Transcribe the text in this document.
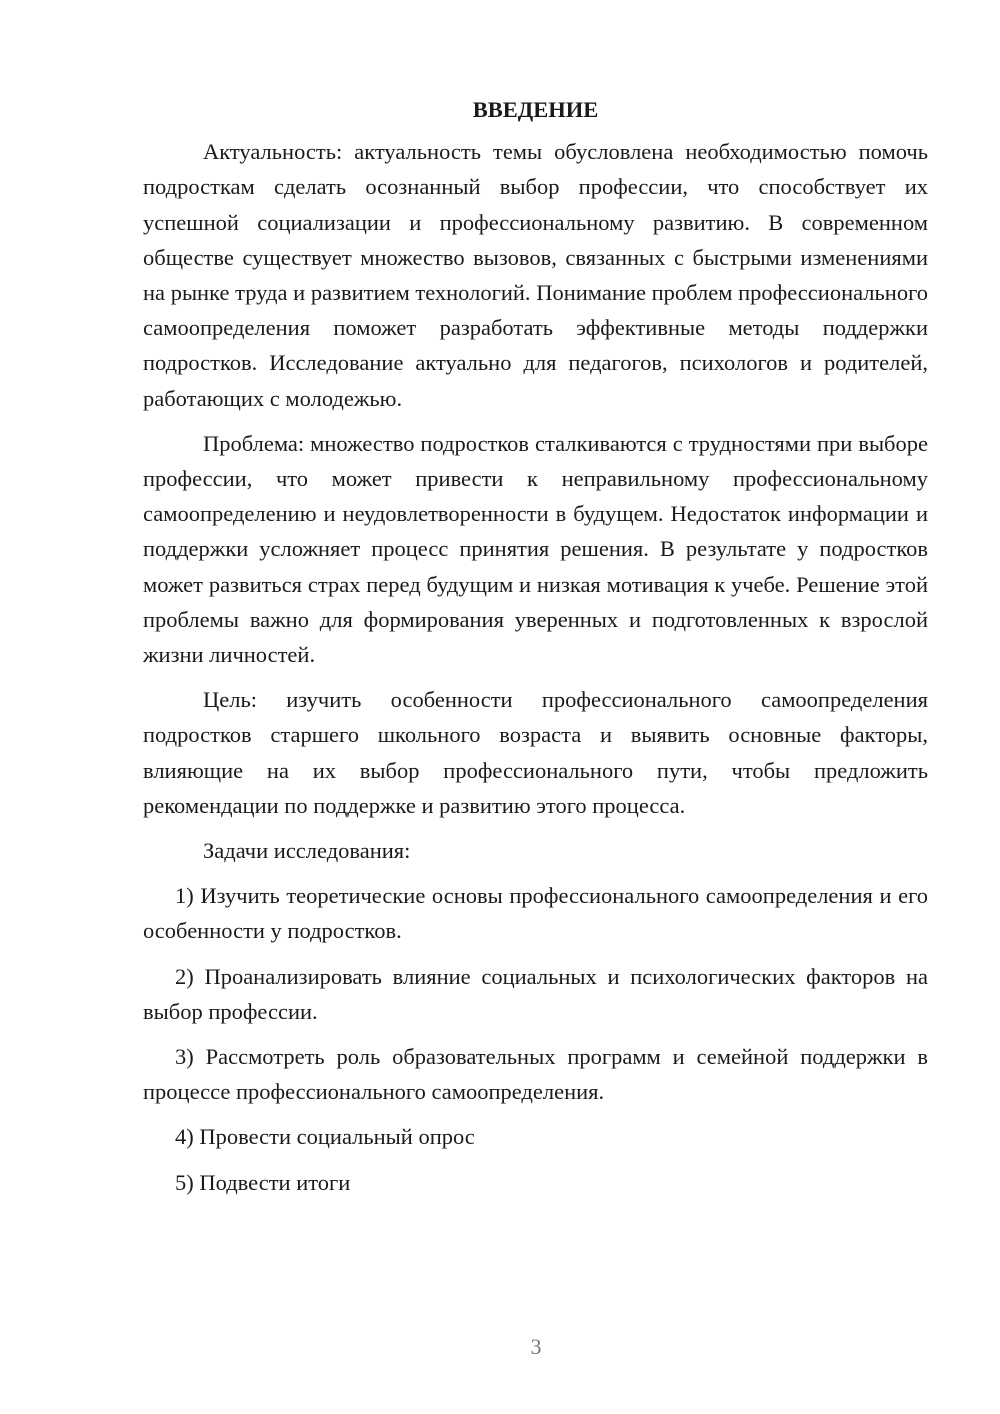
ВВЕДЕНИЕ

Актуальность: актуальность темы обусловлена необходимостью помочь подросткам сделать осознанный выбор профессии, что способствует их успешной социализации и профессиональному развитию. В современном обществе существует множество вызовов, связанных с быстрыми изменениями на рынке труда и развитием технологий. Понимание проблем профессионального самоопределения поможет разработать эффективные методы поддержки подростков. Исследование актуально для педагогов, психологов и родителей, работающих с молодежью.

Проблема: множество подростков сталкиваются с трудностями при выборе профессии, что может привести к неправильному профессиональному самоопределению и неудовлетворенности в будущем. Недостаток информации и поддержки усложняет процесс принятия решения. В результате у подростков может развиться страх перед будущим и низкая мотивация к учебе. Решение этой проблемы важно для формирования уверенных и подготовленных к взрослой жизни личностей.

Цель: изучить особенности профессионального самоопределения подростков старшего школьного возраста и выявить основные факторы, влияющие на их выбор профессионального пути, чтобы предложить рекомендации по поддержке и развитию этого процесса.

Задачи исследования:

1) Изучить теоретические основы профессионального самоопределения и его особенности у подростков.

2) Проанализировать влияние социальных и психологических факторов на выбор профессии.

3) Рассмотреть роль образовательных программ и семейной поддержки в процессе профессионального самоопределения.

4) Провести социальный опрос

5) Подвести итоги

3
